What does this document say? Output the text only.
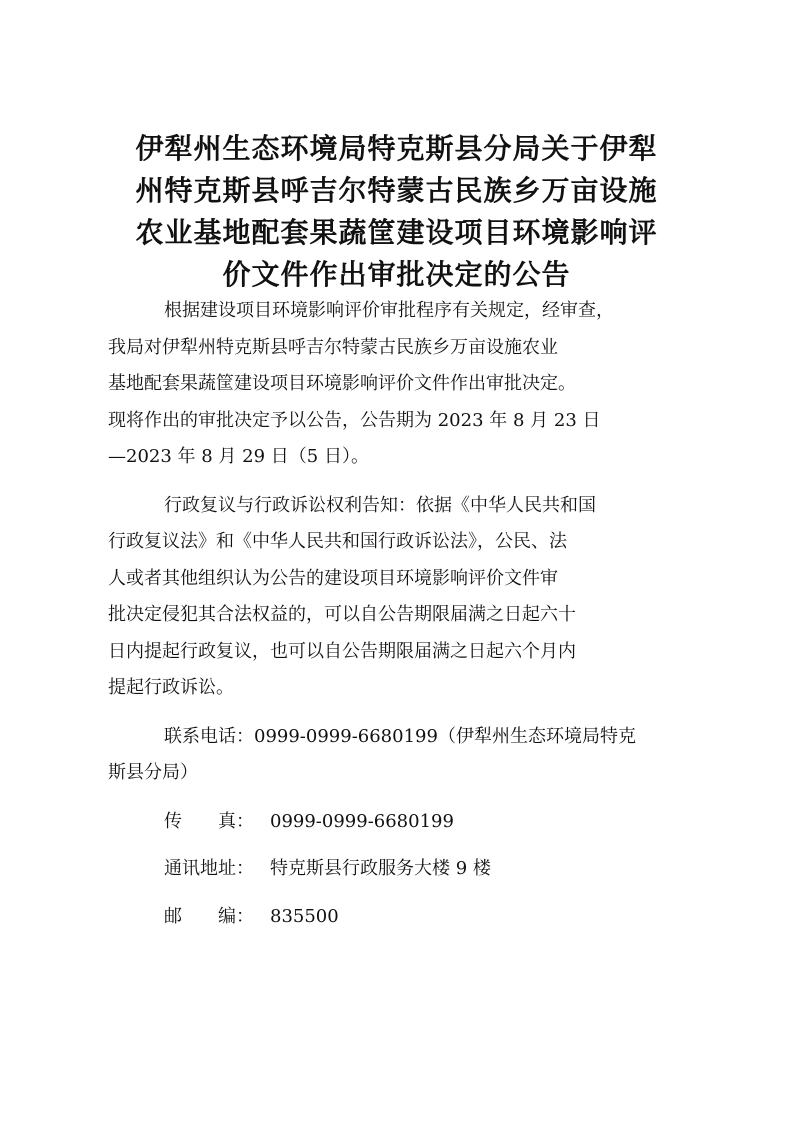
伊犁州生态环境局特克斯县分局关于伊犁
州特克斯县呼吉尔特蒙古民族乡万亩设施
农业基地配套果蔬筐建设项目环境影响评
价文件作出审批决定的公告

根据建设项目环境影响评价审批程序有关规定，经审查，
我局对伊犁州特克斯县呼吉尔特蒙古民族乡万亩设施农业
基地配套果蔬筐建设项目环境影响评价文件作出审批决定。
现将作出的审批决定予以公告，公告期为 2023 年 8 月 23 日
—2023 年 8 月 29 日（5 日）。

行政复议与行政诉讼权利告知：依据《中华人民共和国
行政复议法》和《中华人民共和国行政诉讼法》，公民、法
人或者其他组织认为公告的建设项目环境影响评价文件审
批决定侵犯其合法权益的，可以自公告期限届满之日起六十
日内提起行政复议，也可以自公告期限届满之日起六个月内
提起行政诉讼。

联系电话：0999-0999-6680199（伊犁州生态环境局特克
斯县分局）

传　　真： 0999-0999-6680199
通讯地址： 特克斯县行政服务大楼 9 楼
邮　　编： 835500
